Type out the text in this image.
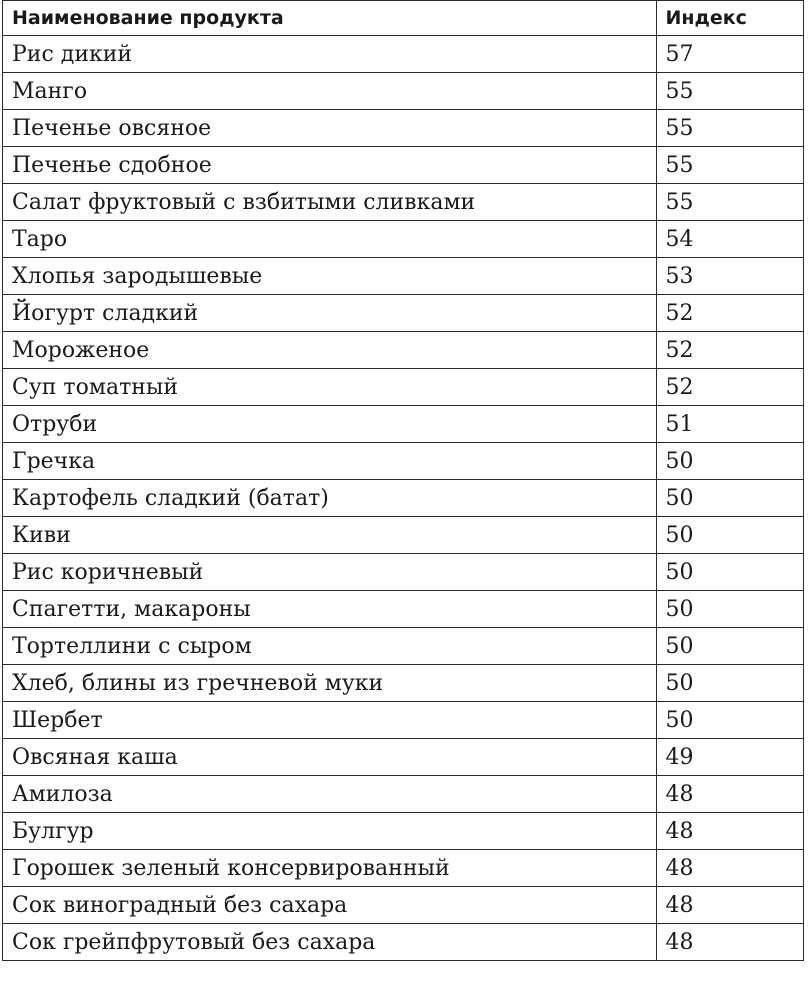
Наименование продукта	Индекс
Рис дикий	57
Манго	55
Печенье овсяное	55
Печенье сдобное	55
Салат фруктовый с взбитыми сливками	55
Таро	54
Хлопья зародышевые	53
Йогурт сладкий	52
Мороженое	52
Суп томатный	52
Отруби	51
Гречка	50
Картофель сладкий (батат)	50
Киви	50
Рис коричневый	50
Спагетти, макароны	50
Тортеллини с сыром	50
Хлеб, блины из гречневой муки	50
Шербет	50
Овсяная каша	49
Амилоза	48
Булгур	48
Горошек зеленый консервированный	48
Сок виноградный без сахара	48
Сок грейпфрутовый без сахара	48
